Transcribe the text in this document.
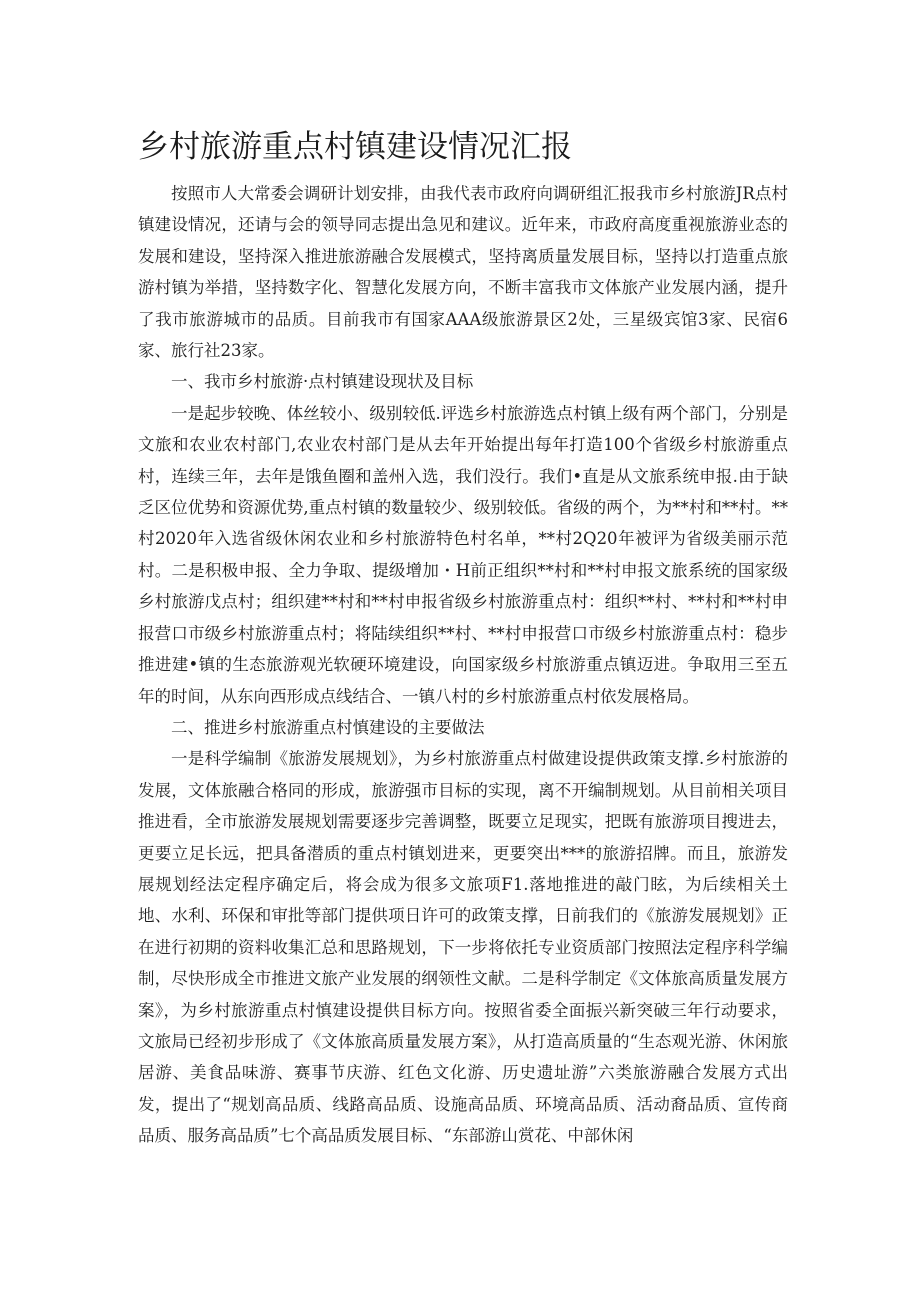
乡村旅游重点村镇建设情况汇报

按照市人大常委会调研计划安排，由我代表市政府向调研组汇报我市乡村旅游JR点村镇建设情况，还请与会的领导同志提出急见和建议。近年来，市政府高度重视旅游业态的发展和建设，坚持深入推进旅游融合发展模式，坚持离质量发展目标，坚持以打造重点旅游村镇为举措，坚持数字化、智慧化发展方向，不断丰富我市文体旅产业发展内涵，提升了我市旅游城市的品质。目前我市有国家AAA级旅游景区2处，三星级宾馆3家、民宿6家、旅行社23家。

一、我市乡村旅游·点村镇建设现状及目标

一是起步较晚、体丝较小、级别较低.评选乡村旅游选点村镇上级有两个部门，分别是文旅和农业农村部门,农业农村部门是从去年开始提出每年打造100个省级乡村旅游重点村，连续三年，去年是饿鱼圈和盖州入选，我们没行。我们•直是从文旅系统申报.由于缺乏区位优势和资源优势,重点村镇的数量较少、级别较低。省级的两个，为**村和**村。**村2020年入选省级休闲农业和乡村旅游特色村名单，**村2Q20年被评为省级美丽示范村。二是积极申报、全力争取、提级增加・H前正组织**村和**村申报文旅系统的国家级乡村旅游戊点村；组织建**村和**村申报省级乡村旅游重点村：组织**村、**村和**村申报营口市级乡村旅游重点村；将陆续组织**村、**村申报营口市级乡村旅游重点村：稳步推进建•镇的生态旅游观光软硬环境建设，向国家级乡村旅游重点镇迈进。争取用三至五年的时间，从东向西形成点线结合、一镇八村的乡村旅游重点村依发展格局。

二、推进乡村旅游重点村慎建设的主要做法

一是科学编制《旅游发展规划》，为乡村旅游重点村做建设提供政策支撑.乡村旅游的发展，文体旅融合格同的形成，旅游强市目标的实现，离不开编制规划。从目前相关项目推进看，全市旅游发展规划需要逐步完善调整，既要立足现实，把既有旅游项目搜进去，更要立足长远，把具备潜质的重点村镇划进来，更要突出***的旅游招牌。而且，旅游发展规划经法定程序确定后，将会成为很多文旅项F1.落地推进的敲门眩，为后续相关土地、水利、环保和审批等部门提供项日许可的政策支撑，日前我们的《旅游发展规划》正在进行初期的资料收集汇总和思路规划，下一步将依托专业资质部门按照法定程序科学编制，尽快形成全市推进文旅产业发展的纲领性文献。二是科学制定《文体旅高质量发展方案》，为乡村旅游重点村慎建设提供目标方向。按照省委全面振兴新突破三年行动要求，文旅局已经初步形成了《文体旅高质量发展方案》，从打造高质量的“生态观光游、休闲旅居游、美食品味游、赛事节庆游、红色文化游、历史遗址游”六类旅游融合发展方式出发，提出了“规划高品质、线路高品质、设施高品质、环境高品质、活动裔品质、宣传商品质、服务高品质”七个高品质发展目标、“东部游山赏花、中部休闲
